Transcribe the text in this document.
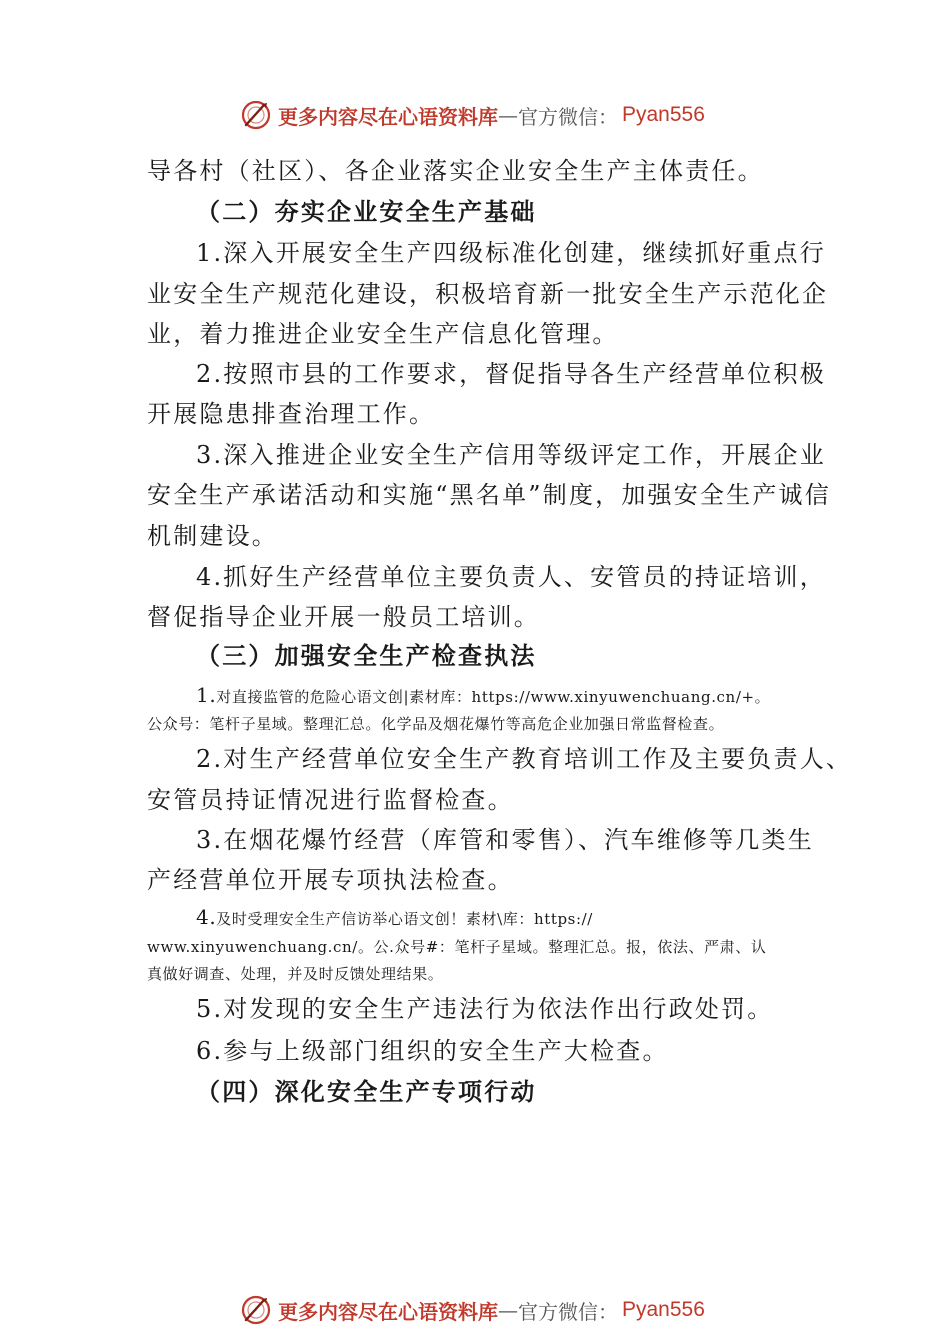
更多内容尽在心语资料库 — 官方微信： Pyan556
导各村（社区）、各企业落实企业安全生产主体责任。
（二）夯实企业安全生产基础
1.深入开展安全生产四级标准化创建，继续抓好重点行
业安全生产规范化建设，积极培育新一批安全生产示范化企
业，着力推进企业安全生产信息化管理。
2.按照市县的工作要求，督促指导各生产经营单位积极
开展隐患排查治理工作。
3.深入推进企业安全生产信用等级评定工作，开展企业
安全生产承诺活动和实施“黑名单”制度，加强安全生产诚信
机制建设。
4.抓好生产经营单位主要负责人、安管员的持证培训，
督促指导企业开展一般员工培训。
（三）加强安全生产检查执法
1.对直接监管的危险心语文创|素材库：https://www.xinyuwenchuang.cn/+。
公众号：笔杆子星域。整理汇总。化学品及烟花爆竹等高危企业加强日常监督检查。
2.对生产经营单位安全生产教育培训工作及主要负责人、
安管员持证情况进行监督检查。
3.在烟花爆竹经营（库管和零售）、汽车维修等几类生
产经营单位开展专项执法检查。
4.及时受理安全生产信访举心语文创！素材\库：https://
www.xinyuwenchuang.cn/。公.众号#：笔杆子星域。整理汇总。报，依法、严肃、认
真做好调查、处理，并及时反馈处理结果。
5.对发现的安全生产违法行为依法作出行政处罚。
6.参与上级部门组织的安全生产大检查。
（四）深化安全生产专项行动
更多内容尽在心语资料库 — 官方微信： Pyan556
